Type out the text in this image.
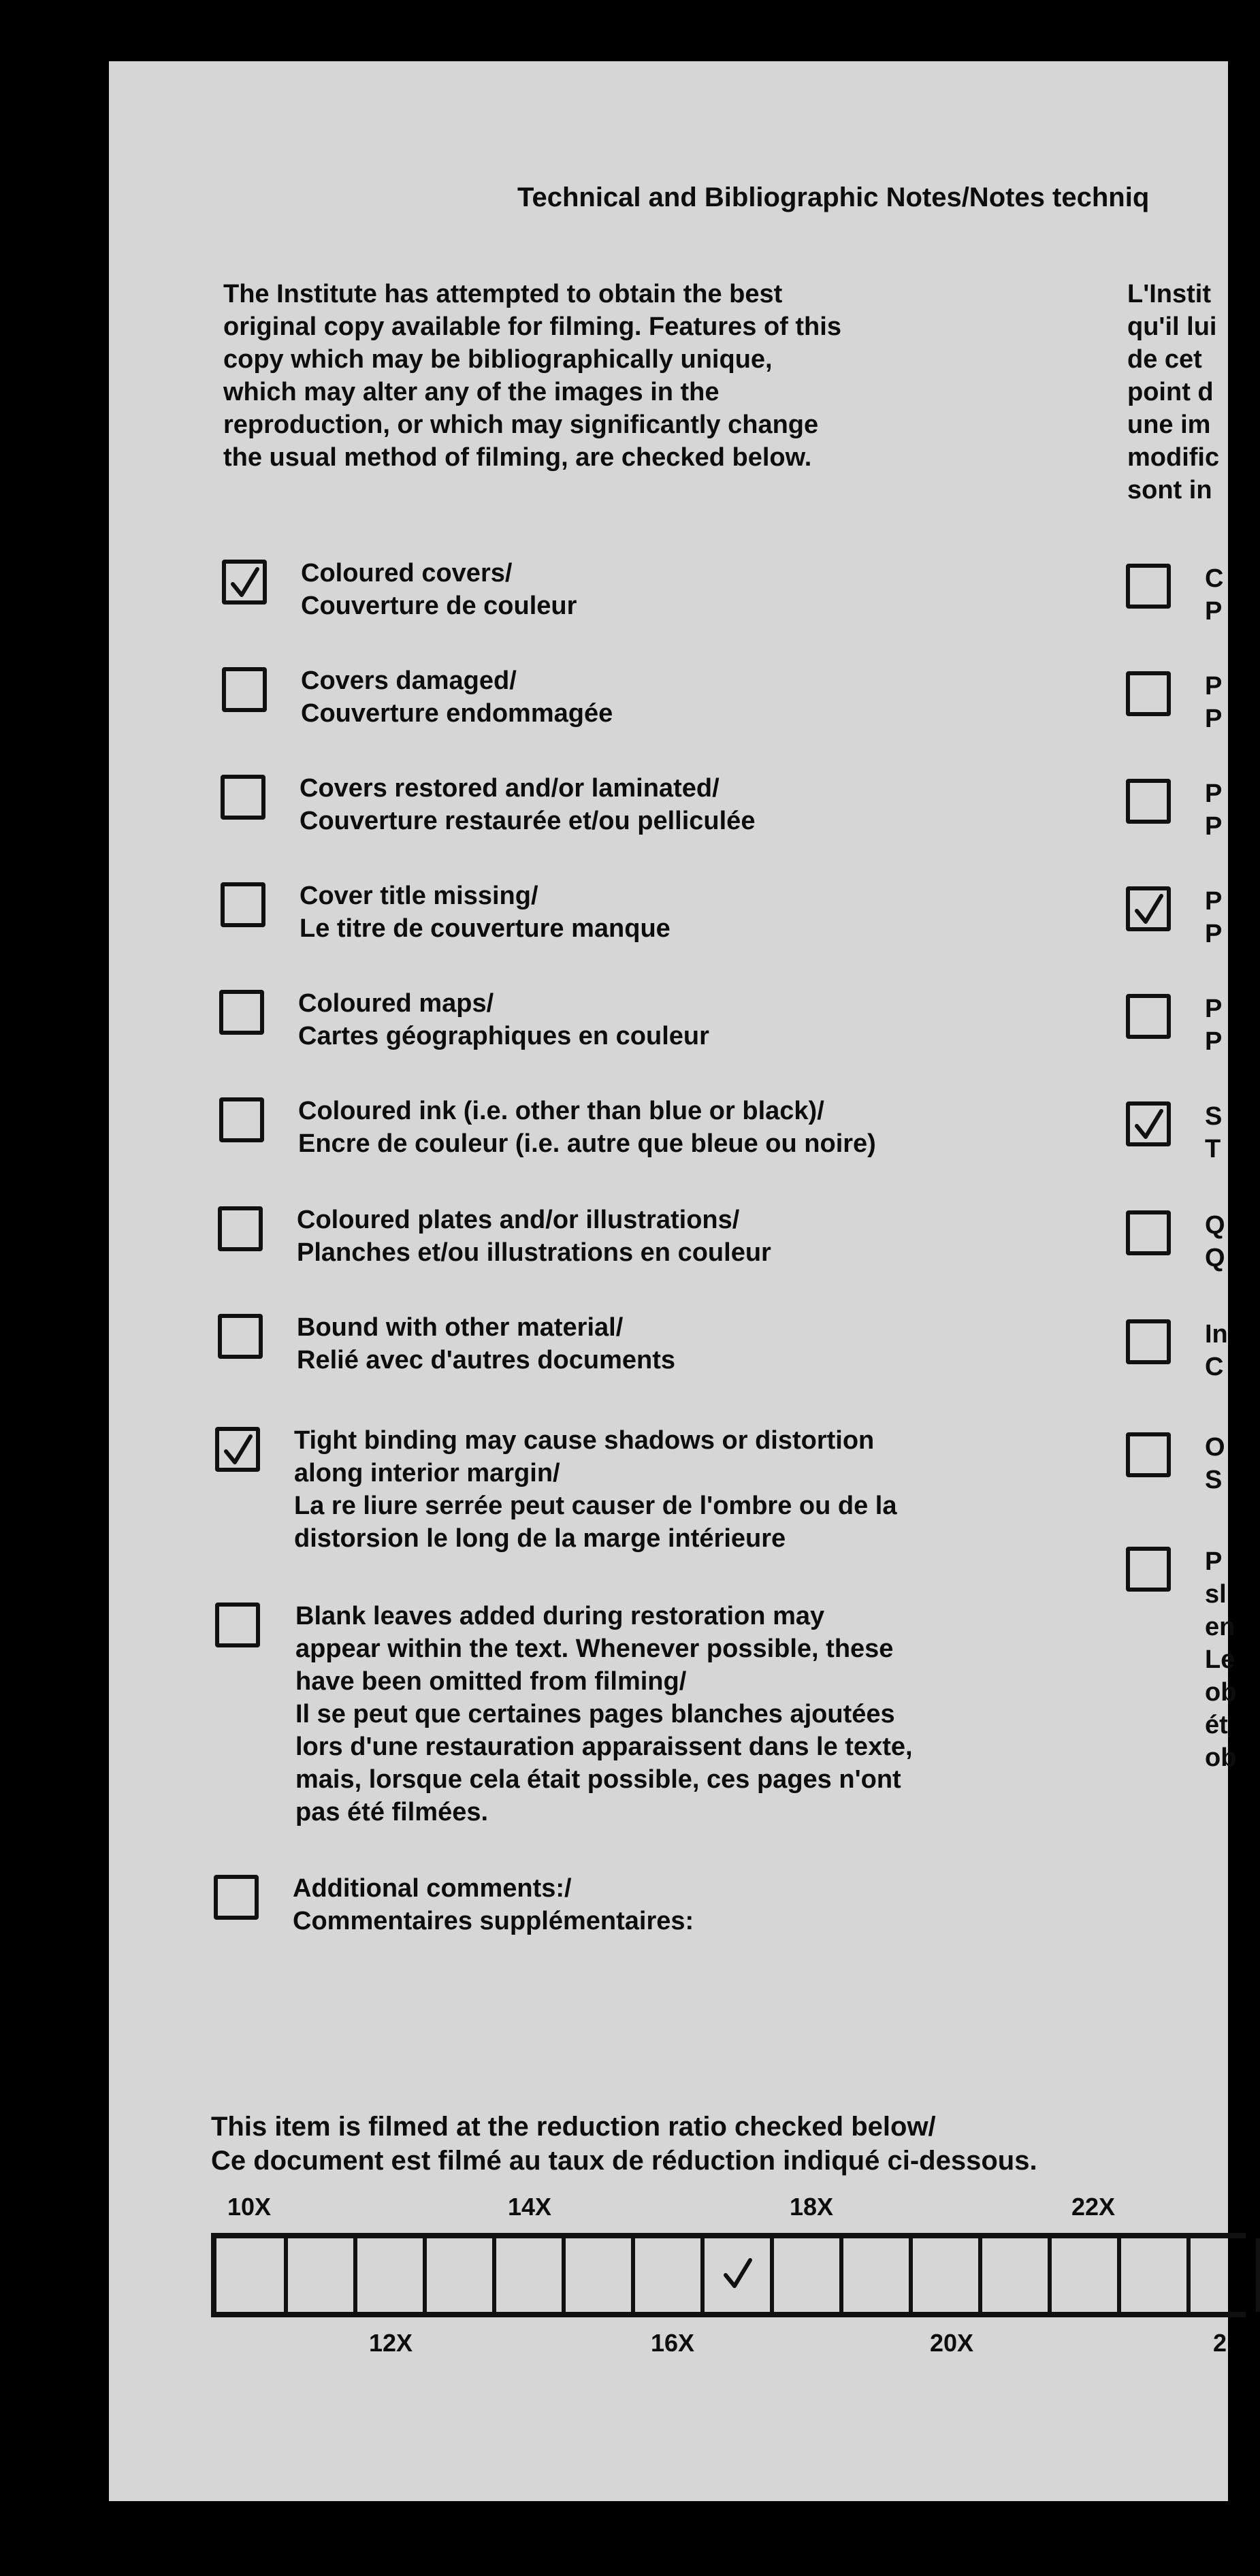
Technical and Bibliographic Notes/Notes techniq
The Institute has attempted to obtain the best
original copy available for filming. Features of this
copy which may be bibliographically unique,
which may alter any of the images in the
reproduction, or which may significantly change
the usual method of filming, are checked below.
L'Instit
qu'il lui
de cet
point d
une im
modific
sont in
Coloured covers/
Couverture de couleur
Covers damaged/
Couverture endommagée
Covers restored and/or laminated/
Couverture restaurée et/ou pelliculée
Cover title missing/
Le titre de couverture manque
Coloured maps/
Cartes géographiques en couleur
Coloured ink (i.e. other than blue or black)/
Encre de couleur (i.e. autre que bleue ou noire)
Coloured plates and/or illustrations/
Planches et/ou illustrations en couleur
Bound with other material/
Relié avec d'autres documents
Tight binding may cause shadows or distortion
along interior margin/
La re liure serrée peut causer de l'ombre ou de la
distorsion le long de la marge intérieure
Blank leaves added during restoration may
appear within the text. Whenever possible, these
have been omitted from filming/
Il se peut que certaines pages blanches ajoutées
lors d'une restauration apparaissent dans le texte,
mais, lorsque cela était possible, ces pages n'ont
pas été filmées.
Additional comments:/
Commentaires supplémentaires:
C
P
P
P
P
P
P
P
P
P
S
T
Q
Q
In
C
O
S
P
sl
en
Le
ob
ét
ob
This item is filmed at the reduction ratio checked below/
Ce document est filmé au taux de réduction indiqué ci-dessous.
10X	14X	18X	22X
12X	16X	20X	2
